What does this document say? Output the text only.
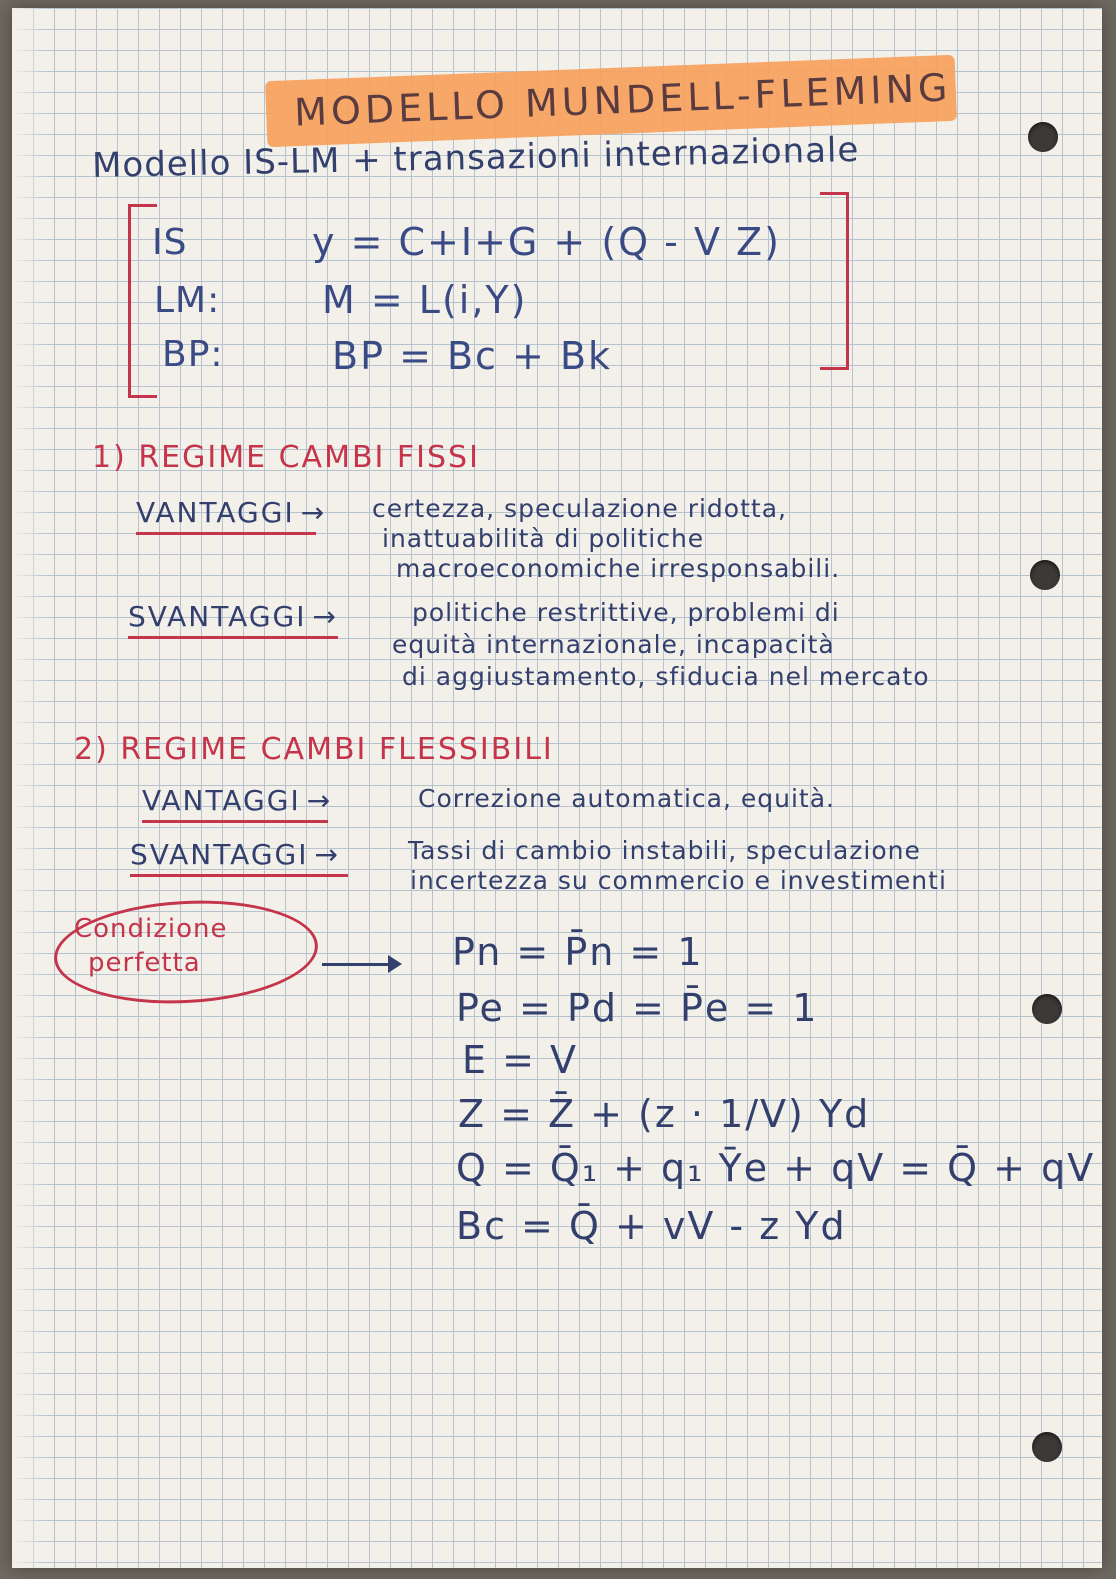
MODELLO MUNDELL-FLEMING
Modello IS-LM + transazioni internazionale
IS	y = C+I+G + (Q - V Z)
LM:	M = L(i,Y)
BP:	BP = Bc + Bk
1) REGIME CAMBI FISSI
VANTAGGI → certezza, speculazione ridotta,
inattuabilità di politiche
macroeconomiche irresponsabili.
SVANTAGGI →	politiche restrittive, problemi di
equità internazionale, incapacità
di aggiustamento, sfiducia nel mercato
2) REGIME CAMBI FLESSIBILI
VANTAGGI →	Correzione automatica, equità.
SVANTAGGI →	Tassi di cambio instabili, speculazione
incertezza su commercio e investimenti
Condizione
perfetta	Pn = P̄n = 1
Pe = Pd = P̄e = 1
E = V
Z = Z̄ + (z · 1/V) Yd
Q = Q̄₁ + q₁ Ȳe + qV = Q̄ + qV
Bc = Q̄ + vV - z Yd
